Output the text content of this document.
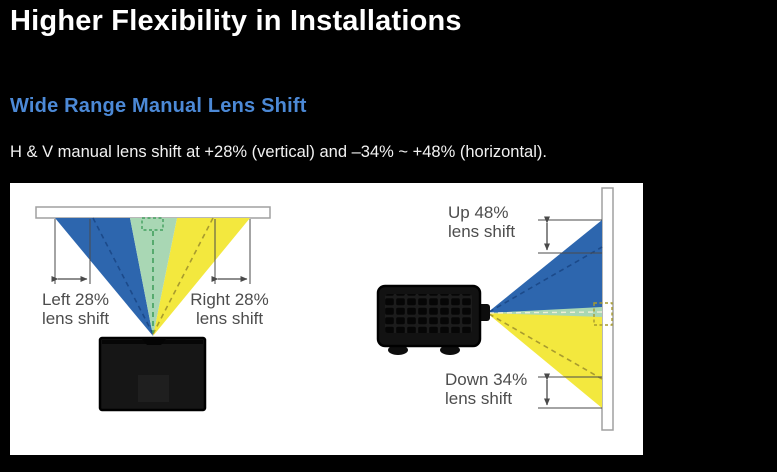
Higher Flexibility in Installations
Wide Range Manual Lens Shift

H & V manual lens shift at +28% (vertical) and –34% ~ +48% (horizontal).

Left 28%
lens shift
Right 28%
lens shift
Up 48%
lens shift
Down 34%
lens shift
